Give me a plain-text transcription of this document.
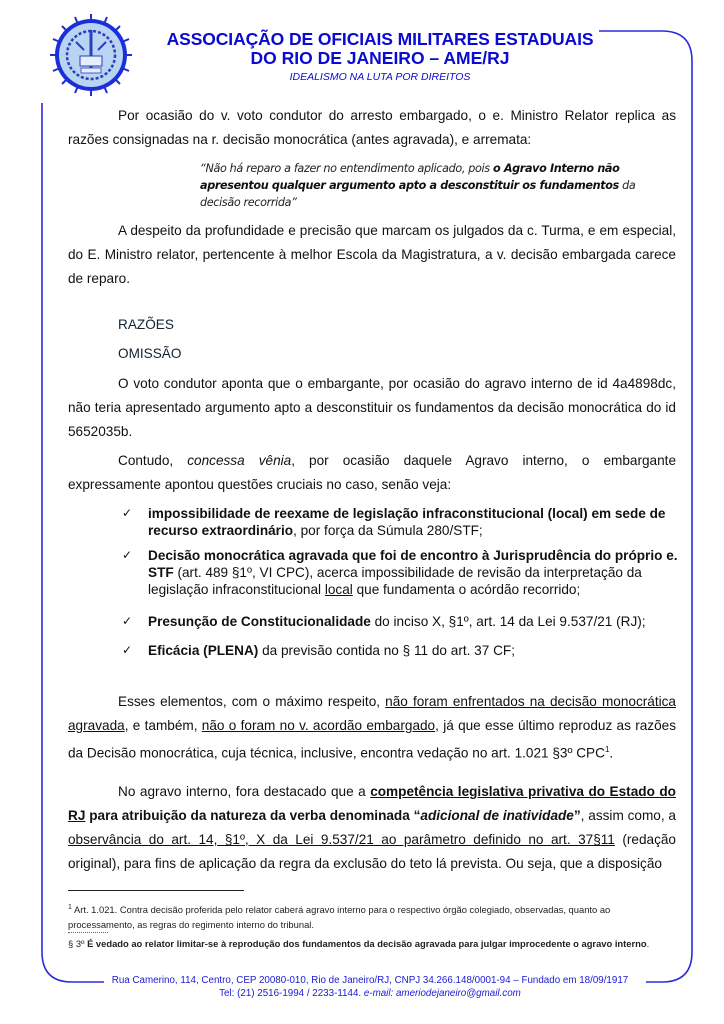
ASSOCIAÇÃO DE OFICIAIS MILITARES ESTADUAIS
DO RIO DE JANEIRO – AME/RJ
IDEALISMO NA LUTA POR DIREITOS
Por ocasião do v. voto condutor do arresto embargado, o e. Ministro Relator replica as razões consignadas na r. decisão monocrática (antes agravada), e arremata:
“Não há reparo a fazer no entendimento aplicado, pois o Agravo Interno não apresentou qualquer argumento apto a desconstituir os fundamentos da decisão recorrida”
A despeito da profundidade e precisão que marcam os julgados da c. Turma, e em especial, do E. Ministro relator, pertencente à melhor Escola da Magistratura, a v. decisão embargada carece de reparo.
RAZÕES
OMISSÃO
O voto condutor aponta que o embargante, por ocasião do agravo interno de id 4a4898dc, não teria apresentado argumento apto a desconstituir os fundamentos da decisão monocrática do id 5652035b.
Contudo, concessa vênia, por ocasião daquele Agravo interno, o embargante expressamente apontou questões cruciais no caso, senão veja:
✓ impossibilidade de reexame de legislação infraconstitucional (local) em sede de recurso extraordinário, por força da Súmula 280/STF;
✓ Decisão monocrática agravada que foi de encontro à Jurisprudência do próprio e. STF (art. 489 §1º, VI CPC), acerca impossibilidade de revisão da interpretação da legislação infraconstitucional local que fundamenta o acórdão recorrido;
✓ Presunção de Constitucionalidade do inciso X, §1º, art. 14 da Lei 9.537/21 (RJ);
✓ Eficácia (PLENA) da previsão contida no § 11 do art. 37 CF;
Esses elementos, com o máximo respeito, não foram enfrentados na decisão monocrática agravada, e também, não o foram no v. acordão embargado, já que esse último reproduz as razões da Decisão monocrática, cuja técnica, inclusive, encontra vedação no art. 1.021 §3º CPC$^1$.
No agravo interno, fora destacado que a competência legislativa privativa do Estado do RJ para atribuição da natureza da verba denominada “adicional de inatividade”, assim como, a observância do art. 14, §1º, X da Lei 9.537/21 ao parâmetro definido no art. 37§11 (redação original), para fins de aplicação da regra da exclusão do teto lá prevista. Ou seja, que a disposição
$^1$ Art. 1.021. Contra decisão proferida pelo relator caberá agravo interno para o respectivo órgão colegiado, observadas, quanto ao processamento, as regras do regimento interno do tribunal.
§ 3º É vedado ao relator limitar-se à reprodução dos fundamentos da decisão agravada para julgar improcedente o agravo interno.
Rua Camerino, 114, Centro, CEP 20080-010, Rio de Janeiro/RJ, CNPJ 34.266.148/0001-94 – Fundado em 18/09/1917
Tel: (21) 2516-1994 / 2233-1144. e-mail: ameriodejaneiro@gmail.com
